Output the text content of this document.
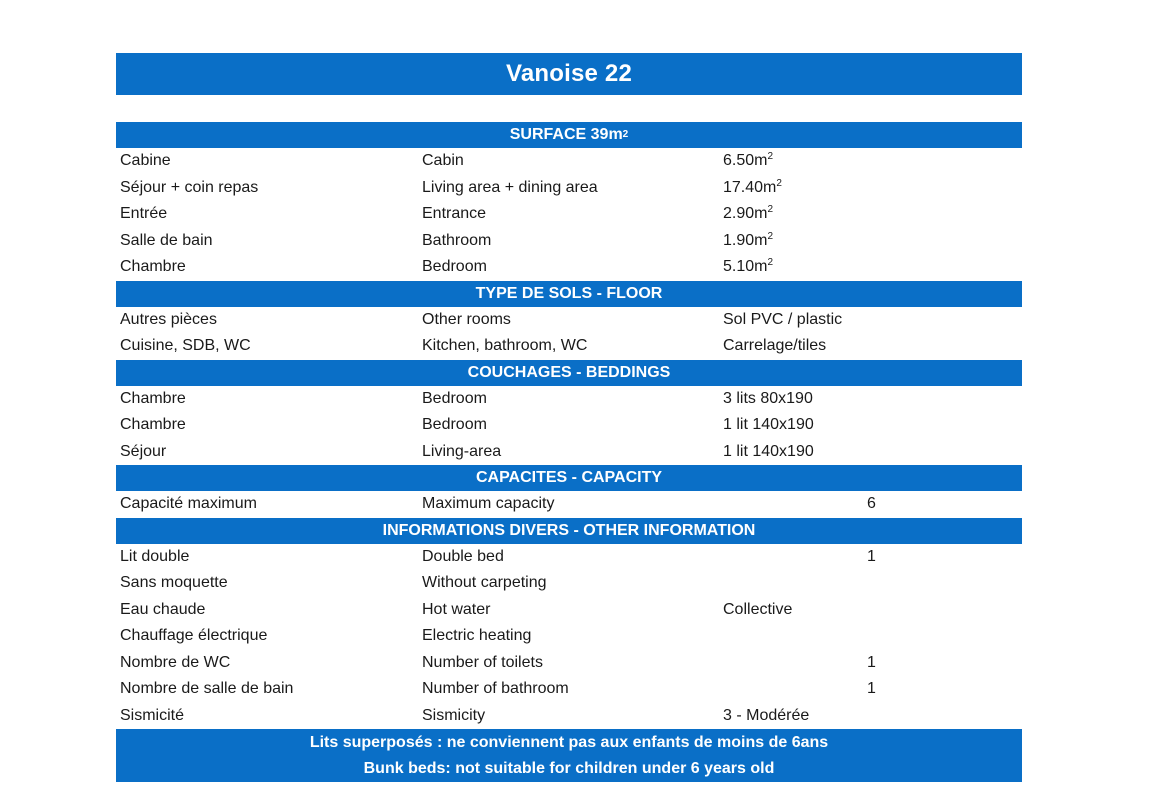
Vanoise 22
SURFACE 39m 2
Cabine	Cabin	$6.50m^2$
Séjour + coin repas	Living area + dining area	$17.40m^2$
Entrée	Entrance	$2.90m^2$
Salle de bain	Bathroom	$1.90m^2$
Chambre	Bedroom	$5.10m^2$
TYPE DE SOLS - FLOOR
Autres pièces	Other rooms	Sol PVC / plastic
Cuisine, SDB, WC	Kitchen, bathroom, WC	Carrelage/tiles
COUCHAGES - BEDDINGS
Chambre	Bedroom	3 lits 80x190
Chambre	Bedroom	1 lit 140x190
Séjour	Living-area	1 lit 140x190
CAPACITES - CAPACITY
Capacité maximum	Maximum capacity	6
INFORMATIONS DIVERS - OTHER INFORMATION
Lit double	Double bed	1
Sans moquette	Without carpeting
Eau chaude	Hot water	Collective
Chauffage électrique	Electric heating
Nombre de WC	Number of toilets	1
Nombre de salle de bain	Number of bathroom	1
Sismicité	Sismicity	3 - Modérée
Lits superposés : ne conviennent pas aux enfants de moins de 6ans
Bunk beds: not suitable for children under 6 years old
